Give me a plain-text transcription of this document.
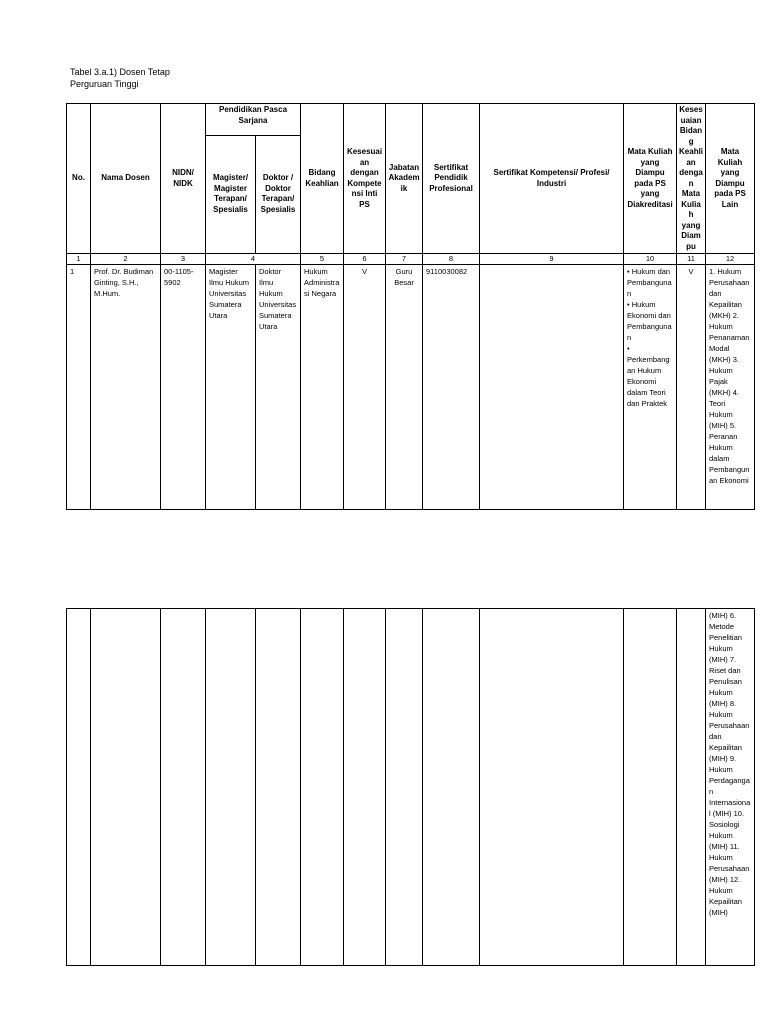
Tabel 3.a.1) Dosen Tetap
Perguruan Tinggi
No.	Nama Dosen	NIDN/ NIDK	Pendidikan Pasca Sarjana		Bidang Keahlian	Kesesuaian dengan Kompetensi Inti PS	Jabatan Akademik	Sertifikat Pendidik Profesional	Sertifikat Kompetensi/ Profesi/ Industri	Mata Kuliah yang Diampu pada PS yang Diakreditasi	Kesesuaian Bidang Keahlian dengan Mata Kuliah yang Diampu	Mata Kuliah yang Diampu pada PS Lain
			Magister/ Magister Terapan/ Spesialis	Doktor / Doktor Terapan/ Spesialis								
1	2	3	4		5	6	7	8	9	10	11	12
1	Prof. Dr. Budiman Ginting, S.H., M.Hum.	00-1105-5902	Magister Ilmu Hukum Universitas Sumatera Utara	Doktor Ilmu Hukum Universitas Sumatera Utara	Hukum Administrasi Negara	V	Guru Besar	9110030082		• Hukum dan Pembangunan
• Hukum Ekonomi dan Pembangunan
• Perkembangan Hukum Ekonomi dalam Teori dan Praktek	V	1. Hukum Perusahaan dan Kepailitan (MKH) 2. Hukum Penanaman Modal (MKH) 3. Hukum Pajak (MKH) 4. Teori Hukum (MIH) 5. Peranan Hukum dalam Pembangunan Ekonomi
												(MIH) 6. Metode Penelitian Hukum (MIH) 7. Riset dan Penulisan Hukum (MIH) 8. Hukum Perusahaan dan Kepailitan (MIH) 9. Hukum Perdagangan Internasional (MIH) 10. Sosiologi Hukum (MIH) 11. Hukum Perusahaan (MIH) 12. Hukum Kepailitan (MIH)
